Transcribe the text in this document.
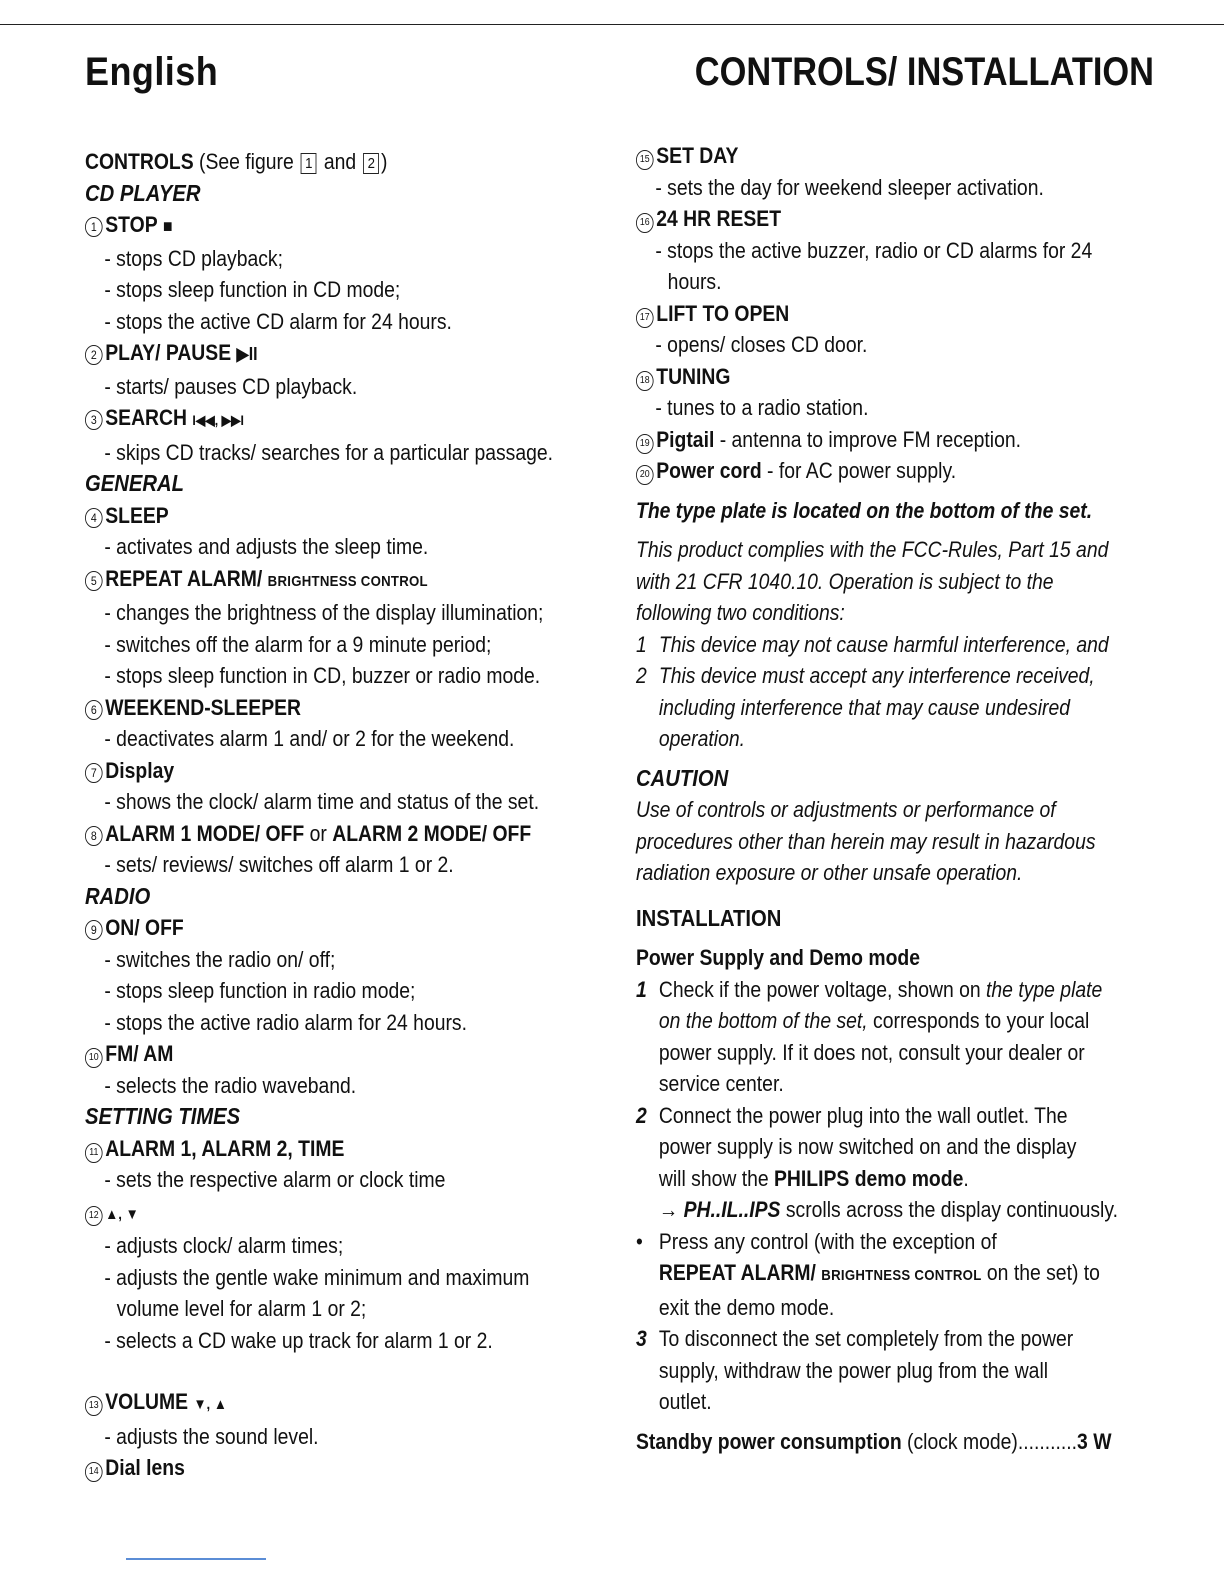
English	CONTROLS/ INSTALLATION
CONTROLS (See figure 1 and 2 )
CD PLAYER
1 STOP ■
- stops CD playback;
- stops sleep function in CD mode;
- stops the active CD alarm for 24 hours.
2 PLAY/ PAUSE ▶II
- starts/ pauses CD playback.
3 SEARCH I◀◀, ▶▶I
- skips CD tracks/ searches for a particular passage.
GENERAL
4 SLEEP
- activates and adjusts the sleep time.
5 REPEAT ALARM/ BRIGHTNESS CONTROL
- changes the brightness of the display illumination;
- switches off the alarm for a 9 minute period;
- stops sleep function in CD, buzzer or radio mode.
6 WEEKEND-SLEEPER
- deactivates alarm 1 and/ or 2 for the weekend.
7 Display
- shows the clock/ alarm time and status of the set.
8 ALARM 1 MODE/ OFF or ALARM 2 MODE/ OFF
- sets/ reviews/ switches off alarm 1 or 2.
RADIO
9 ON/ OFF
- switches the radio on/ off;
- stops sleep function in radio mode;
- stops the active radio alarm for 24 hours.
10 FM/ AM
- selects the radio waveband.
SETTING TIMES
11 ALARM 1, ALARM 2, TIME
- sets the respective alarm or clock time
12 ▲, ▼
- adjusts clock/ alarm times;
- adjusts the gentle wake minimum and maximum
volume level for alarm 1 or 2;
- selects a CD wake up track for alarm 1 or 2.
13 VOLUME ▼, ▲
- adjusts the sound level.
14 Dial lens
15 SET DAY
- sets the day for weekend sleeper activation.
16 24 HR RESET
- stops the active buzzer, radio or CD alarms for 24
hours.
17 LIFT TO OPEN
- opens/ closes CD door.
18 TUNING
- tunes to a radio station.
19 Pigtail - antenna to improve FM reception.
20 Power cord - for AC power supply.
The type plate is located on the bottom of the set.
This product complies with the FCC-Rules, Part 15 and
with 21 CFR 1040.10. Operation is subject to the
following two conditions:
1 This device may not cause harmful interference, and
2 This device must accept any interference received,
including interference that may cause undesired
operation.
CAUTION
Use of controls or adjustments or performance of
procedures other than herein may result in hazardous
radiation exposure or other unsafe operation.
INSTALLATION
Power Supply and Demo mode
1 Check if the power voltage, shown on the type plate
on the bottom of the set, corresponds to your local
power supply. If it does not, consult your dealer or
service center.
2 Connect the power plug into the wall outlet. The
power supply is now switched on and the display
will show the PHILIPS demo mode.
→ PH..IL..IPS scrolls across the display continuously.
• Press any control (with the exception of
REPEAT ALARM/ BRIGHTNESS CONTROL on the set) to
exit the demo mode.
3 To disconnect the set completely from the power
supply, withdraw the power plug from the wall
outlet.
Standby power consumption (clock mode)...........3 W
